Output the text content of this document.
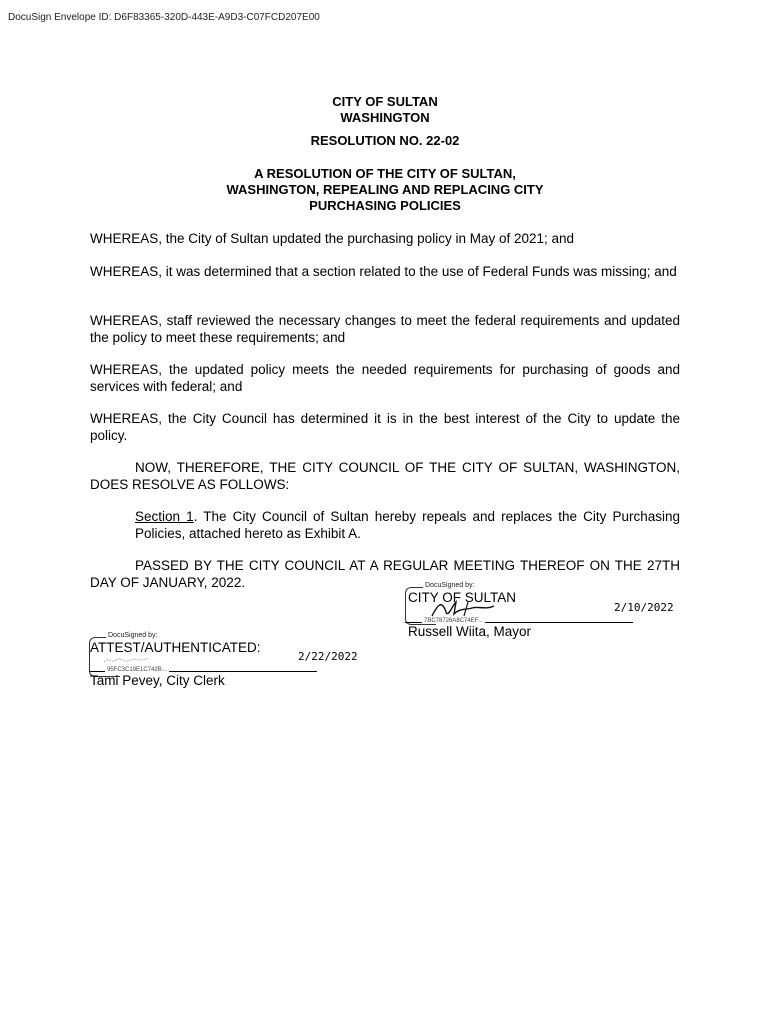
DocuSign Envelope ID: D6F83365-320D-443E-A9D3-C07FCD207E00
CITY OF SULTAN
WASHINGTON
RESOLUTION NO. 22-02
A RESOLUTION OF THE CITY OF SULTAN,
WASHINGTON, REPEALING AND REPLACING CITY
PURCHASING POLICIES
WHEREAS, the City of Sultan updated the purchasing policy in May of 2021; and
WHEREAS, it was determined that a section related to the use of Federal Funds was missing; and
WHEREAS, staff reviewed the necessary changes to meet the federal requirements and updated the policy to meet these requirements; and
WHEREAS, the updated policy meets the needed requirements for purchasing of goods and services with federal; and
WHEREAS, the City Council has determined it is in the best interest of the City to update the policy.
NOW, THEREFORE, THE CITY COUNCIL OF THE CITY OF SULTAN, WASHINGTON, DOES RESOLVE AS FOLLOWS:
Section 1. The City Council of Sultan hereby repeals and replaces the City Purchasing Policies, attached hereto as Exhibit A.
PASSED BY THE CITY COUNCIL AT A REGULAR MEETING THEREOF ON THE 27TH DAY OF JANUARY, 2022.	DocuSigned by:
CITY OF SULTAN
2/10/2022
7BC78726A8C74EF...
Russell Wiita, Mayor
DocuSigned by:
ATTEST/AUTHENTICATED:
2/22/2022
95FC3C19E1C742B...
Tami Pevey, City Clerk
